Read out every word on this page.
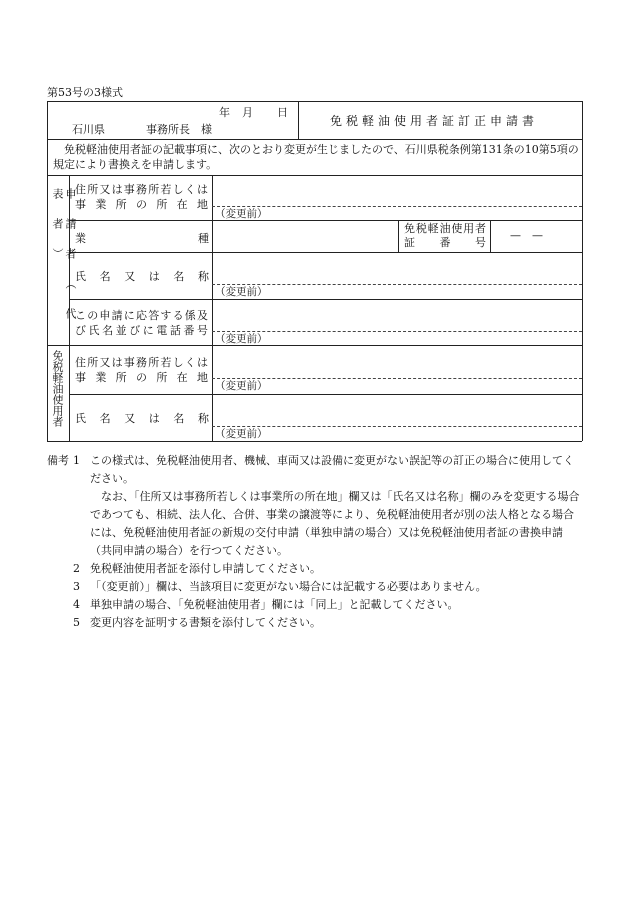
第53号の3様式
年 月 日
石川県	事務所長　様
免税軽油使用者証訂正申請書
免税軽油使用者証の記載事項に、次のとおり変更が生じましたので、石川県税条例第131条の10第5項の規定により書換えを申請します。
申請者（代表者）
免税軽油使用者
住所又は事務所若しくは事業所の所在地
業種
氏名又は名称
この申請に応答する係及び氏名並びに電話番号
住所又は事務所若しくは事業所の所在地
氏名又は名称
免税軽油使用者証番号
—　—
（変更前）
（変更前）
（変更前）
（変更前）
（変更前）
備考 1 この様式は、免税軽油使用者、機械、車両又は設備に変更がない誤記等の訂正の場合に使用してください。
なお、「住所又は事務所若しくは事業所の所在地」欄又は「氏名又は名称」欄のみを変更する場合であつても、相続、法人化、合併、事業の譲渡等により、免税軽油使用者が別の法人格となる場合には、免税軽油使用者証の新規の交付申請（単独申請の場合）又は免税軽油使用者証の書換申請（共同申請の場合）を行つてください。
2 免税軽油使用者証を添付し申請してください。
3 「（変更前）」欄は、当該項目に変更がない場合には記載する必要はありません。
4 単独申請の場合、「免税軽油使用者」欄には「同上」と記載してください。
5 変更内容を証明する書類を添付してください。
